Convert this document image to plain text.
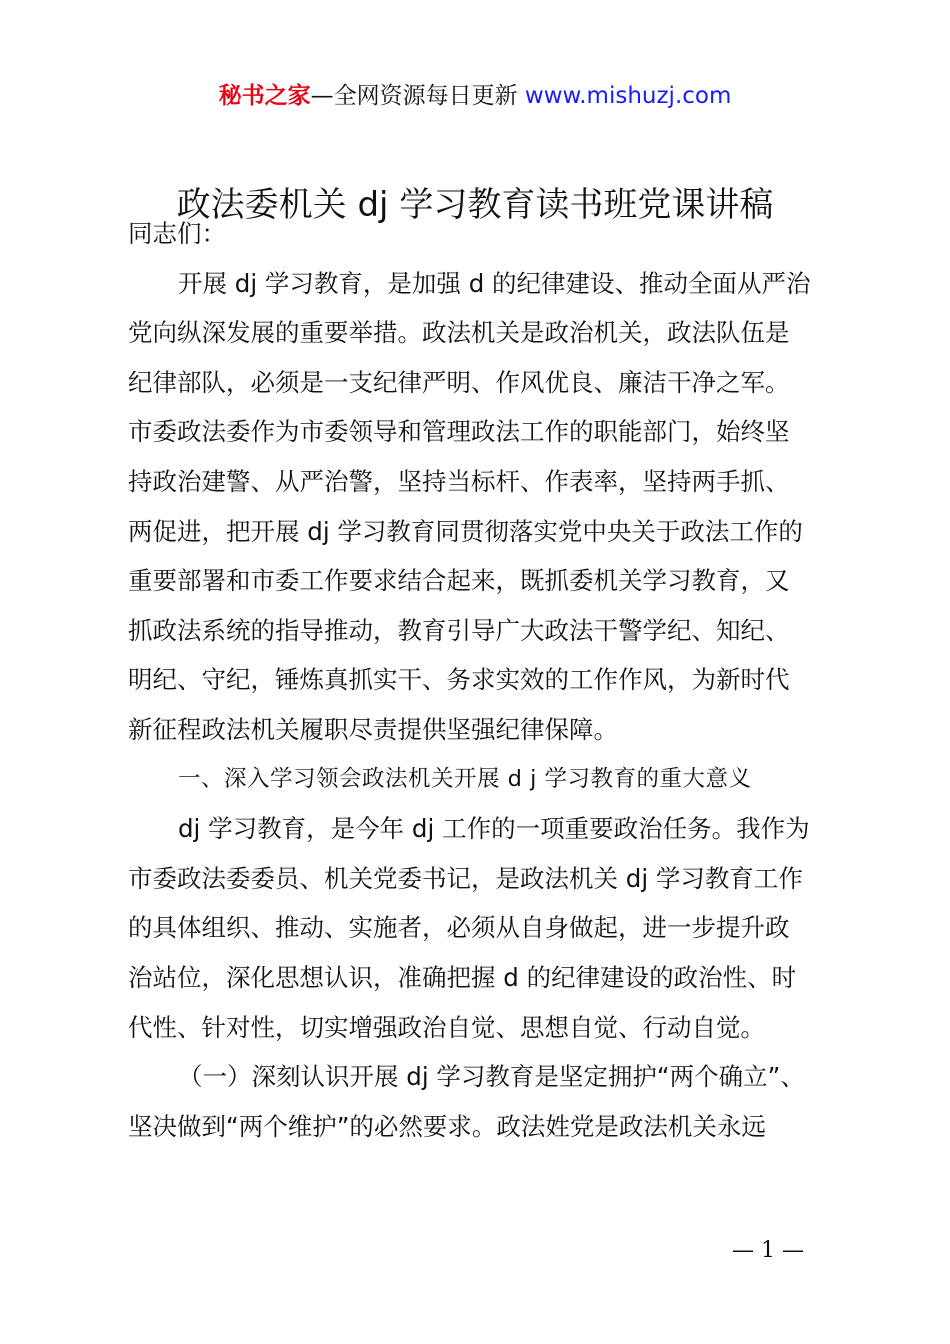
秘书之家—全网资源每日更新 www.mishuzj.com
政法委机关 dj 学习教育读书班党课讲稿
同志们：
开展 dj 学习教育，是加强 d 的纪律建设、推动全面从严治
党向纵深发展的重要举措。政法机关是政治机关，政法队伍是
纪律部队，必须是一支纪律严明、作风优良、廉洁干净之军。
市委政法委作为市委领导和管理政法工作的职能部门，始终坚
持政治建警、从严治警，坚持当标杆、作表率，坚持两手抓、
两促进，把开展 dj 学习教育同贯彻落实党中央关于政法工作的
重要部署和市委工作要求结合起来，既抓委机关学习教育，又
抓政法系统的指导推动，教育引导广大政法干警学纪、知纪、
明纪、守纪，锤炼真抓实干、务求实效的工作作风，为新时代
新征程政法机关履职尽责提供坚强纪律保障。
一、深入学习领会政法机关开展 d j 学习教育的重大意义
dj 学习教育，是今年 dj 工作的一项重要政治任务。我作为
市委政法委委员、机关党委书记，是政法机关 dj 学习教育工作
的具体组织、推动、实施者，必须从自身做起，进一步提升政
治站位，深化思想认识，准确把握 d 的纪律建设的政治性、时
代性、针对性，切实增强政治自觉、思想自觉、行动自觉。
（一）深刻认识开展 dj 学习教育是坚定拥护“两个确立”、
坚决做到“两个维护”的必然要求。政法姓党是政法机关永远
— 1 —
